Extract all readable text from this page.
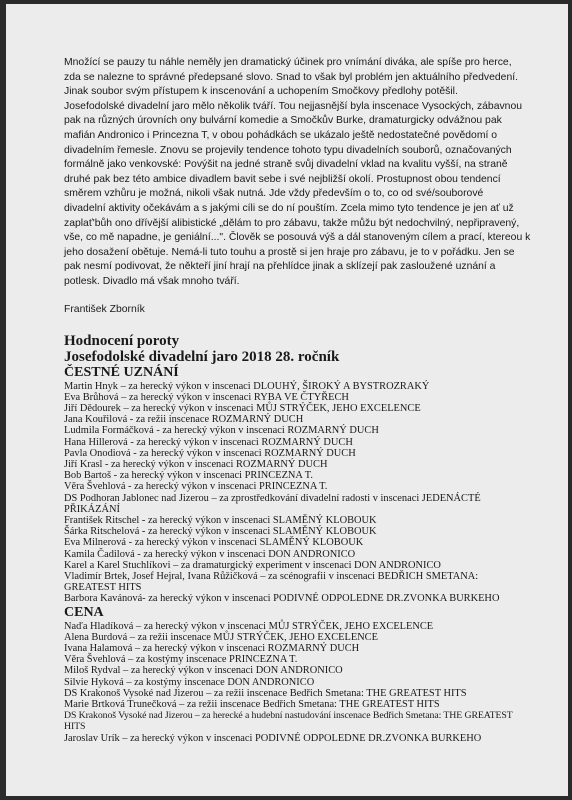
Množící se pauzy tu náhle neměly jen dramatický účinek pro vnímání diváka, ale spíše pro herce,
zda se nalezne to správné předepsané slovo. Snad to však byl problém jen aktuálního předvedení.
Jinak soubor svým přístupem k inscenování a uchopením Smočkovy předlohy potěšil.
Josefodolské divadelní jaro mělo několik tváří. Tou nejjasnější byla inscenace Vysockých, zábavnou
pak na různých úrovních ony bulvární komedie a Smočkův Burke, dramaturgicky odvážnou pak
mafián Andronico i Princezna T, v obou pohádkách se ukázalo ještě nedostatečné povědomí o
divadelním řemesle. Znovu se projevily tendence tohoto typu divadelních souborů, označovaných
formálně jako venkovské: Povýšit na jedné straně svůj divadelní vklad na kvalitu vyšší, na straně
druhé pak bez této ambice divadlem bavit sebe i své nejbližší okolí. Prostupnost obou tendencí
směrem vzhůru je možná, nikoli však nutná. Jde vždy především o to, co od své/souborové
divadelní aktivity očekávám a s jakými cíli se do ní pouštím. Zcela mimo tyto tendence je jen ať už
zaplať'bůh ono dřívější alibistické „dělám to pro zábavu, takže můžu být nedochvilný, nepřipravený,
vše, co mě napadne, je geniální...". Člověk se posouvá výš a dál stanoveným cílem a prací, ktereou k
jeho dosažení obětuje. Nemá-li tuto touhu a prostě si jen hraje pro zábavu, je to v pořádku. Jen se
pak nesmí podivovat, že někteří jiní hrají na přehlídce jinak a sklízejí pak zasloužené uznání a
potlesk. Divadlo má však mnoho tváří.

František Zborník

Hodnocení poroty
Josefodolské divadelní jaro 2018 28. ročník
ČESTNÉ UZNÁNÍ
Martin Hnyk – za herecký výkon v inscenaci DLOUHÝ, ŠIROKÝ A BYSTROZRAKÝ
Eva Brůhová – za herecký výkon v inscenaci RYBA VE ČTYŘECH
Jiří Dědourek – za herecký výkon v inscenaci MŮJ STRÝČEK, JEHO EXCELENCE
Jana Kouřilová - za režii inscenace ROZMARNÝ DUCH
Ludmila Formáčková - za herecký výkon v inscenaci ROZMARNÝ DUCH
Hana Hillerová - za herecký výkon v inscenaci ROZMARNÝ DUCH
Pavla Onodiová - za herecký výkon v inscenaci ROZMARNÝ DUCH
Jiří Krasl - za herecký výkon v inscenaci ROZMARNÝ DUCH
Bob Bartoš - za herecký výkon v inscenaci PRINCEZNA T.
Věra Švehlová - za herecký výkon v inscenaci PRINCEZNA T.
DS Podhoran Jablonec nad Jizerou – za zprostředkování divadelní radosti v inscenaci JEDENÁCTÉ PŘIKÁZÁNÍ
František Ritschel - za herecký výkon v inscenaci SLAMĚNÝ KLOBOUK
Šárka Ritschelová - za herecký výkon v inscenaci SLAMĚNÝ KLOBOUK
Eva Milnerová - za herecký výkon v inscenaci SLAMĚNÝ KLOBOUK
Kamila Čadilová - za herecký výkon v inscenaci DON ANDRONICO
Karel a Karel Stuchlíkovi – za dramaturgický experiment v inscenaci DON ANDRONICO
Vladimír Brtek, Josef Hejral, Ivana Růžičková – za scénografii v inscenaci BEDŘICH SMETANA: GREATEST HITS
Barbora Kavánová- za herecký výkon v inscenaci PODIVNÉ ODPOLEDNE DR.ZVONKA BURKEHO
CENA
Naďa Hladíková – za herecký výkon v inscenaci MŮJ STRÝČEK, JEHO EXCELENCE
Alena Burdová – za režii inscenace MŮJ STRÝČEK, JEHO EXCELENCE
Ivana Halamová – za herecký výkon v inscenaci ROZMARNÝ DUCH
Věra Švehlová – za kostýmy inscenace PRINCEZNA T.
Miloš Rydval – za herecký výkon v inscenaci DON ANDRONICO
Silvie Hyková – za kostýmy inscenace DON ANDRONICO
DS Krakonoš Vysoké nad Jizerou – za režii inscenace Bedřich Smetana: THE GREATEST HITS
Marie Brtková Trunečková – za režii inscenace Bedřich Smetana: THE GREATEST HITS
DS Krakonoš Vysoké nad Jizerou – za herecké a hudební nastudování inscenace Bedřich Smetana: THE GREATEST HITS
Jaroslav Urík – za herecký výkon v inscenaci PODIVNÉ ODPOLEDNE DR.ZVONKA BURKEHO
